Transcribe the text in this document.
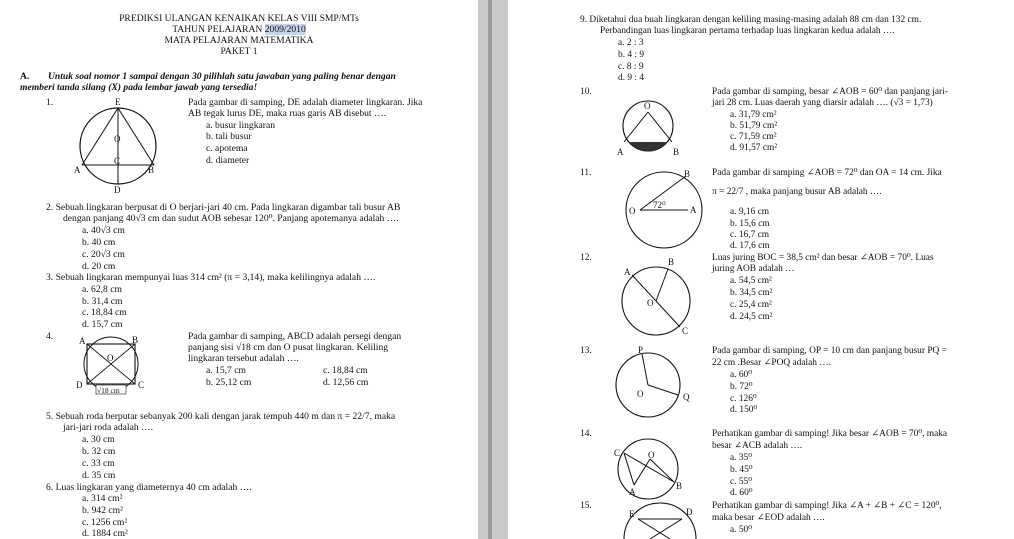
PREDIKSI ULANGAN KENAIKAN KELAS VIII SMP/MTs
TAHUN PELAJARAN 2009/2010
MATA PELAJARAN MATEMATIKA
PAKET 1
A. Untuk soal nomor 1 sampai dengan 30 pilihlah satu jawaban yang paling benar dengan
memberi tanda silang (X) pada lembar jawab yang tersedia!
1.	E
O
C
A	B
D
Pada gambar di samping, DE adalah diameter lingkaran. Jika
AB tegak lurus DE, maka ruas garis AB disebut ….
a. busur lingkaran
b. tali busur
c. apotema
d. diameter
2. Sebuah lingkaran berpusat di O berjari-jari 40 cm. Pada lingkaran digambar tali busur AB
dengan panjang 40√3 cm dan sudut AOB sebesar 120⁰. Panjang apotemanya adalah ….
a. 40√3 cm
b. 40 cm
c. 20√3 cm
d. 20 cm
3. Sebuah lingkaran mempunyai luas 314 cm² (π = 3,14), maka kelilingnya adalah ….
a. 62,8 cm
b. 31,4 cm
c. 18,84 cm
d. 15,7 cm
4.	A	B
C
D
O
√18 cm
Pada gambar di samping, ABCD adalah persegi dengan
panjang sisi √18 cm dan O pusat lingkaran. Keliling
lingkaran tersebut adalah ….
a. 15,7 cm	c. 18,84 cm
b. 25,12 cm	d. 12,56 cm
5. Sebuah roda berputar sebanyak 200 kali dengan jarak tempuh 440 m dan π = 22/7, maka
jari-jari roda adalah ….
a. 30 cm
b. 32 cm
c. 33 cm
d. 35 cm
6. Luas lingkaran yang diameternya 40 cm adalah ….
a. 314 cm²
b. 942 cm²
c. 1256 cm²
d. 1884 cm²
9. Diketahui dua buah lingkaran dengan keliling masing-masing adalah 88 cm dan 132 cm.
Perbandingan luas lingkaran pertama terhadap luas lingkaran kedua adalah ….
a. 2 : 3
b. 4 : 9
c. 8 : 9
d. 9 : 4
10.
O
A	B
Pada gambar di samping, besar ∠AOB = 60⁰ dan panjang jari-
jari 28 cm. Luas daerah yang diarsir adalah …. (√3 = 1,73)
a. 31,79 cm²
b. 51,79 cm²
c. 71,59 cm²
d. 91,57 cm²
11.	B
O	A
72⁰
Pada gambar di samping ∠AOB = 72⁰ dan OA = 14 cm. Jika
π = 22/7 , maka panjang busur AB adalah ….
a. 9,16 cm
b. 15,6 cm
c. 16,7 cm
d. 17,6 cm
12.
A
B
O
C
Luas juring BOC = 38,5 cm² dan besar ∠AOB = 70⁰. Luas
juring AOB adalah …
a. 54,5 cm²
b. 34,5 cm²
c. 25,4 cm²
d. 24,5 cm²
13.	P
O	Q
Pada gambar di samping, OP = 10 cm dan panjang busur PQ =
22 cm .Besar ∠POQ adalah ….
a. 60⁰
b. 72⁰
c. 126⁰
d. 150⁰
14.
C	O
A
B
Perhatikan gambar di samping! Jika besar ∠AOB = 70⁰, maka
besar ∠ACB adalah ….
a. 35⁰
b. 45⁰
c. 55⁰
d. 60⁰
15.
E	D
Perhatikan gambar di samping! Jika ∠A + ∠B + ∠C = 120⁰,
maka besar ∠EOD adalah ….
a. 50⁰
